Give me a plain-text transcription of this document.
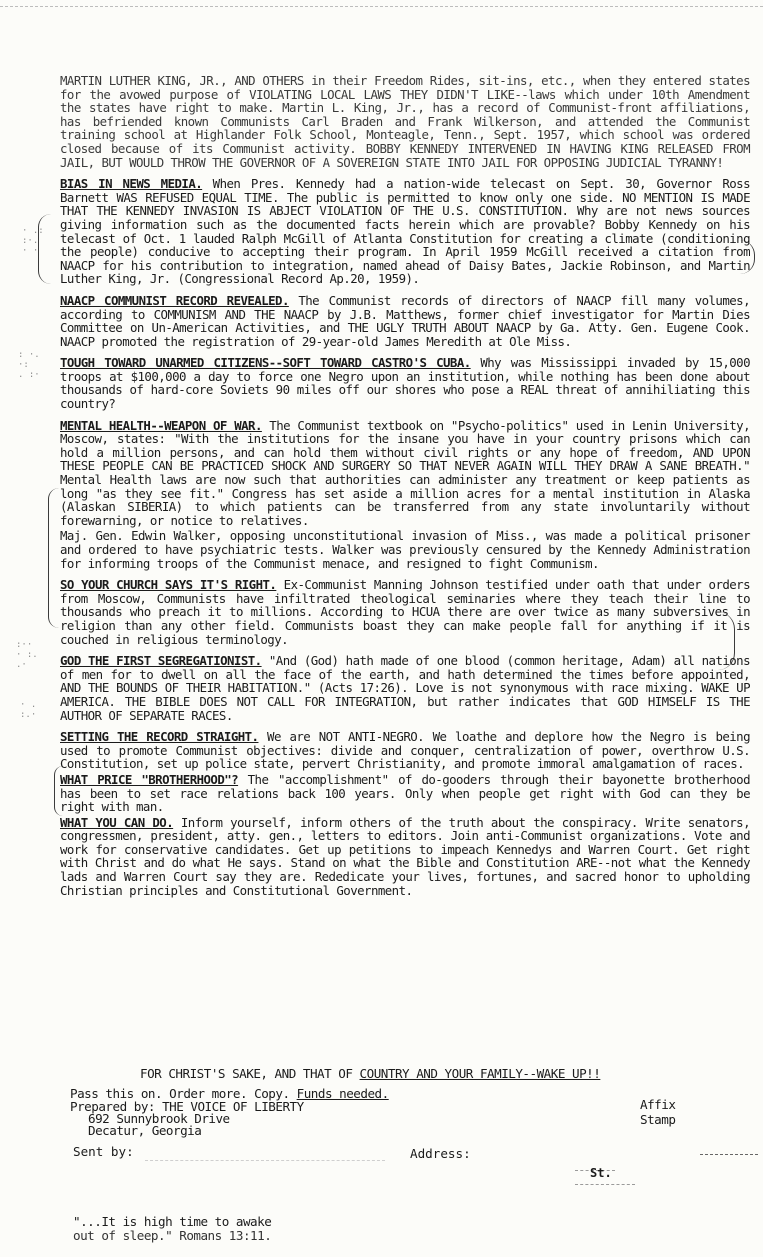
· .:
:·.
· ·
: ·.
·:
. :·
:··
· :.
.·
· .
:.·

MARTIN LUTHER KING, JR., AND OTHERS in their Freedom Rides, sit-ins, etc., when they entered states for the avowed purpose of VIOLATING LOCAL LAWS THEY DIDN'T LIKE--laws which under 10th Amendment the states have right to make. Martin L. King, Jr., has a record of Communist-front affiliations, has befriended known Communists Carl Braden and Frank Wilkerson, and attended the Communist training school at Highlander Folk School, Monteagle, Tenn., Sept. 1957, which school was ordered closed because of its Communist activity. BOBBY KENNEDY INTERVENED IN HAVING KING RELEASED FROM JAIL, BUT WOULD THROW THE GOVERNOR OF A SOVEREIGN STATE INTO JAIL FOR OPPOSING JUDICIAL TYRANNY!

BIAS IN NEWS MEDIA. When Pres. Kennedy had a nation-wide telecast on Sept. 30, Governor Ross Barnett WAS REFUSED EQUAL TIME. The public is permitted to know only one side. NO MENTION IS MADE THAT THE KENNEDY INVASION IS ABJECT VIOLATION OF THE U.S. CONSTITUTION. Why are not news sources giving information such as the documented facts herein which are provable? Bobby Kennedy on his telecast of Oct. 1 lauded Ralph McGill of Atlanta Constitution for creating a climate (conditioning the people) conducive to accepting their program. In April 1959 McGill received a citation from NAACP for his contribution to integration, named ahead of Daisy Bates, Jackie Robinson, and Martin Luther King, Jr. (Congressional Record Ap.20, 1959).

NAACP COMMUNIST RECORD REVEALED. The Communist records of directors of NAACP fill many volumes, according to COMMUNISM AND THE NAACP by J.B. Matthews, former chief investigator for Martin Dies Committee on Un-American Activities, and THE UGLY TRUTH ABOUT NAACP by Ga. Atty. Gen. Eugene Cook. NAACP promoted the registration of 29-year-old James Meredith at Ole Miss.

TOUGH TOWARD UNARMED CITIZENS--SOFT TOWARD CASTRO'S CUBA. Why was Mississippi invaded by 15,000 troops at $100,000 a day to force one Negro upon an institution, while nothing has been done about thousands of hard-core Soviets 90 miles off our shores who pose a REAL threat of annihiliating this country?

MENTAL HEALTH--WEAPON OF WAR. The Communist textbook on "Psycho-politics" used in Lenin University, Moscow, states: "With the institutions for the insane you have in your country prisons which can hold a million persons, and can hold them without civil rights or any hope of freedom, AND UPON THESE PEOPLE CAN BE PRACTICED SHOCK AND SURGERY SO THAT NEVER AGAIN WILL THEY DRAW A SANE BREATH." Mental Health laws are now such that authorities can administer any treatment or keep patients as long "as they see fit." Congress has set aside a million acres for a mental institution in Alaska (Alaskan SIBERIA) to which patients can be transferred from any state involuntarily without forewarning, or notice to relatives.

Maj. Gen. Edwin Walker, opposing unconstitutional invasion of Miss., was made a political prisoner and ordered to have psychiatric tests. Walker was previously censured by the Kennedy Administration for informing troops of the Communist menace, and resigned to fight Communism.

SO YOUR CHURCH SAYS IT'S RIGHT. Ex-Communist Manning Johnson testified under oath that under orders from Moscow, Communists have infiltrated theological seminaries where they teach their line to thousands who preach it to millions. According to HCUA there are over twice as many subversives in religion than any other field. Communists boast they can make people fall for anything if it is couched in religious terminology.

GOD THE FIRST SEGREGATIONIST. "And (God) hath made of one blood (common heritage, Adam) all nations of men for to dwell on all the face of the earth, and hath determined the times before appointed, AND THE BOUNDS OF THEIR HABITATION." (Acts 17:26). Love is not synonymous with race mixing. WAKE UP AMERICA. THE BIBLE DOES NOT CALL FOR INTEGRATION, but rather indicates that GOD HIMSELF IS THE AUTHOR OF SEPARATE RACES.

SETTING THE RECORD STRAIGHT. We are NOT ANTI-NEGRO. We loathe and deplore how the Negro is being used to promote Communist objectives: divide and conquer, centralization of power, overthrow U.S. Constitution, set up police state, pervert Christianity, and promote immoral amalgamation of races.

WHAT PRICE "BROTHERHOOD"? The "accomplishment" of do-gooders through their bayonette brotherhood has been to set race relations back 100 years. Only when people get right with God can they be right with man.

WHAT YOU CAN DO. Inform yourself, inform others of the truth about the conspiracy. Write senators, congressmen, president, atty. gen., letters to editors. Join anti-Communist organizations. Vote and work for conservative candidates. Get up petitions to impeach Kennedys and Warren Court. Get right with Christ and do what He says. Stand on what the Bible and Constitution ARE--not what the Kennedy lads and Warren Court say they are. Rededicate your lives, fortunes, and sacred honor to upholding Christian principles and Constitutional Government.

FOR CHRIST'S SAKE, AND THAT OF COUNTRY AND YOUR FAMILY--WAKE UP!!
Pass this on. Order more. Copy. Funds needed.
Prepared by: THE VOICE OF LIBERTY
692 Sunnybrook Drive
Decatur, Georgia
Affix
Stamp
Sent by:	Address:
St.
"...It is high time to awake
out of sleep." Romans 13:11.
